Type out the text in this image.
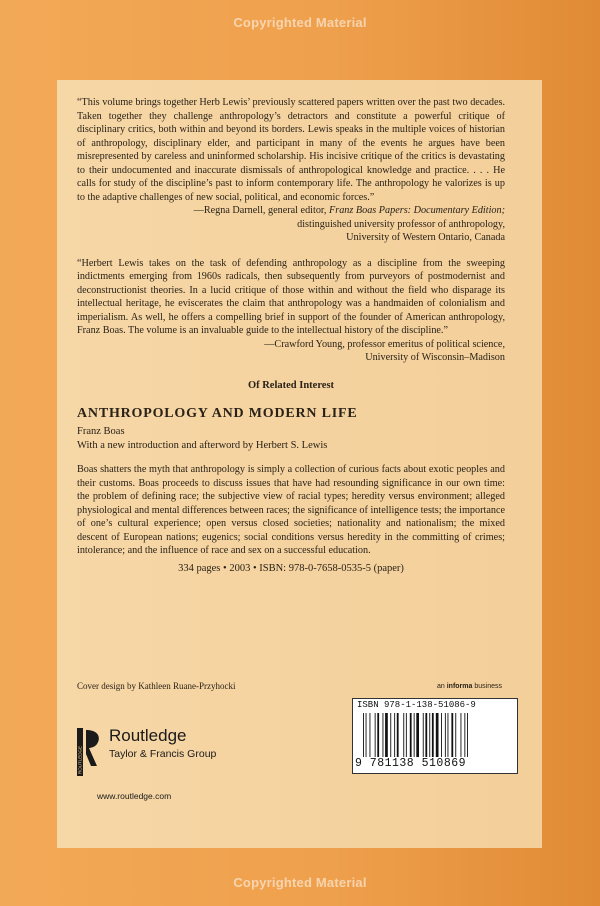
Copyrighted Material

“This volume brings together Herb Lewis’ previously scattered papers written over the past two decades. Taken together they challenge anthropology’s detractors and constitute a powerful critique of disciplinary critics, both within and beyond its borders. Lewis speaks in the multiple voices of historian of anthropology, disciplinary elder, and participant in many of the events he argues have been misrepresented by careless and uninformed scholarship. His incisive critique of the critics is devastating to their undocumented and inaccurate dismissals of anthropological knowledge and practice. . . . He calls for study of the discipline’s past to inform contemporary life. The anthropology he valorizes is up to the adaptive challenges of new social, political, and economic forces.”

—Regna Darnell, general editor, Franz Boas Papers: Documentary Edition;
distinguished university professor of anthropology,
University of Western Ontario, Canada

“Herbert Lewis takes on the task of defending anthropology as a discipline from the sweeping indictments emerging from 1960s radicals, then subsequently from purveyors of postmodernist and deconstructionist theories. In a lucid critique of those within and without the field who disparage its intellectual heritage, he eviscerates the claim that anthropology was a handmaiden of colonialism and imperialism. As well, he offers a compelling brief in support of the founder of American anthropology, Franz Boas. The volume is an invaluable guide to the intellectual history of the discipline.”

—Crawford Young, professor emeritus of political science,
University of Wisconsin–Madison
Of Related Interest
ANTHROPOLOGY AND MODERN LIFE
Franz Boas
With a new introduction and afterword by Herbert S. Lewis

Boas shatters the myth that anthropology is simply a collection of curious facts about exotic peoples and their customs. Boas proceeds to discuss issues that have had resounding significance in our own time: the problem of defining race; the subjective view of racial types; heredity versus environment; alleged physiological and mental differences between races; the significance of intelligence tests; the importance of one’s cultural experience; open versus closed societies; nationality and nationalism; the mixed descent of European nations; eugenics; social conditions versus heredity in the committing of crimes; intolerance; and the influence of race and sex on a successful education.

334 pages • 2003 • ISBN: 978-0-7658-0535-5 (paper)
Cover design by Kathleen Ruane-Przyhocki	an informa business
ROUTLEDGE
Routledge
Taylor & Francis Group
www.routledge.com
ISBN 978-1-138-51086-9
9 781138 510869
Copyrighted Material
